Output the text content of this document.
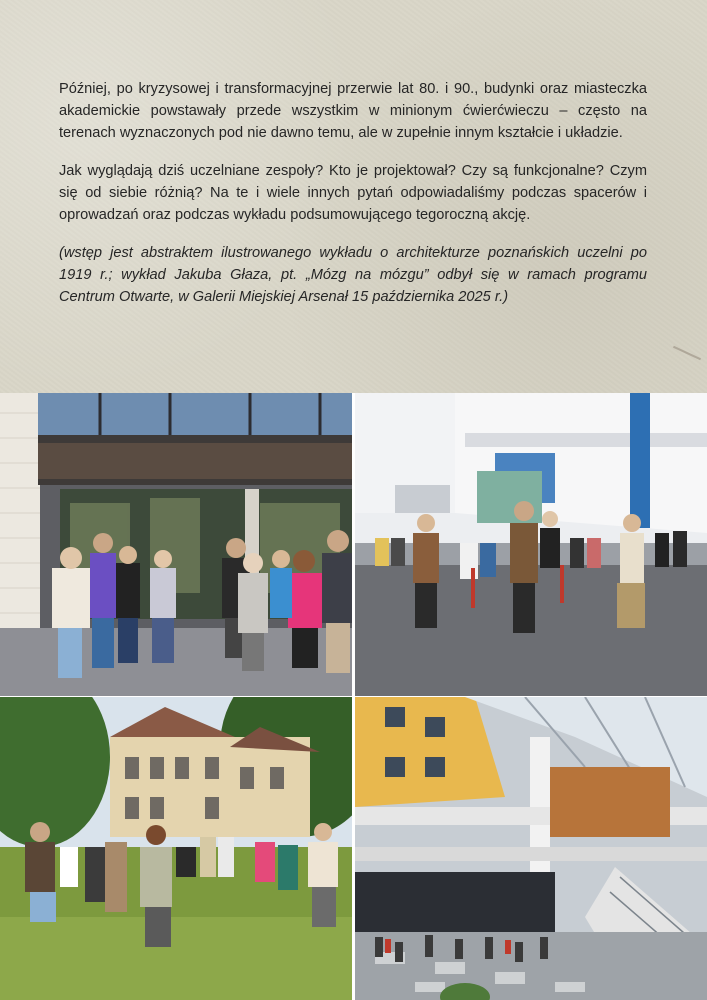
Później, po kryzysowej i transformacyjnej przerwie lat 80. i 90., budynki oraz miasteczka akademickie powstawały przede wszystkim w minionym ćwierćwieczu – często na terenach wyznaczonych pod nie dawno temu, ale w zupełnie innym kształcie i układzie.

Jak wyglądają dziś uczelniane zespoły? Kto je projektował? Czy są funkcjonalne? Czym się od siebie różnią? Na te i wiele innych pytań odpowiadaliśmy podczas spacerów i oprowadzań oraz podczas wykładu podsumowującego tegoroczną akcję.

(wstęp jest abstraktem ilustrowanego wykładu o architekturze poznańskich uczelni po 1919 r.; wykład Jakuba Głaza, pt. „Mózg na mózgu” odbył się w ramach programu Centrum Otwarte, w Galerii Miejskiej Arsenał 15 października 2025 r.)
